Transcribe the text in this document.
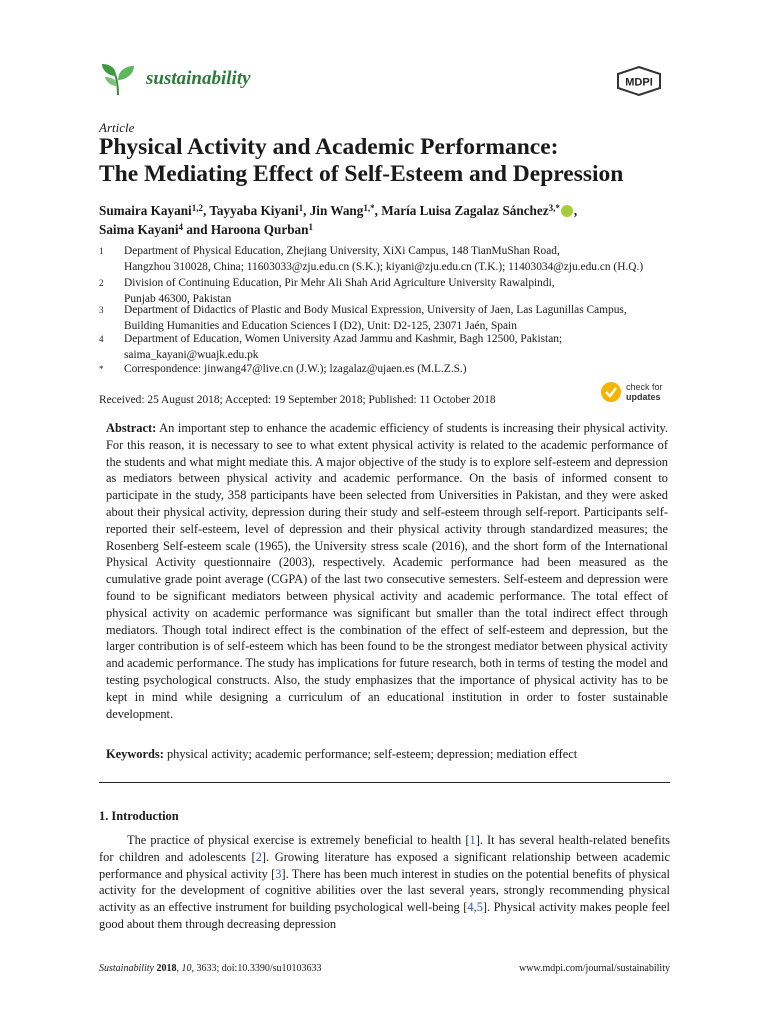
sustainability	MDPI
Article
Physical Activity and Academic Performance:
The Mediating Effect of Self-Esteem and Depression
Sumaira Kayani$^{1,2}$, Tayyaba Kiyani$^1$, Jin Wang$^{1,*}$, María Luisa Zagalaz Sánchez$^{3,*}$ ,
Saima Kayani$^4$ and Haroona Qurban$^1$
1 Department of Physical Education, Zhejiang University, XiXi Campus, 148 TianMuShan Road,
Hangzhou 310028, China; 11603033@zju.edu.cn (S.K.); kiyani@zju.edu.cn (T.K.); 11403034@zju.edu.cn (H.Q.)
2 Division of Continuing Education, Pir Mehr Ali Shah Arid Agriculture University Rawalpindi,
Punjab 46300, Pakistan
3 Department of Didactics of Plastic and Body Musical Expression, University of Jaen, Las Lagunillas Campus,
Building Humanities and Education Sciences I (D2), Unit: D2-125, 23071 Jaén, Spain
4 Department of Education, Women University Azad Jammu and Kashmir, Bagh 12500, Pakistan;
saima_kayani@wuajk.edu.pk
* Correspondence: jinwang47@live.cn (J.W.); lzagalaz@ujaen.es (M.L.Z.S.)
Received: 25 August 2018; Accepted: 19 September 2018; Published: 11 October 2018
check for
updates
Abstract: An important step to enhance the academic efficiency of students is increasing their physical activity. For this reason, it is necessary to see to what extent physical activity is related to the academic performance of the students and what might mediate this. A major objective of the study is to explore self-esteem and depression as mediators between physical activity and academic performance. On the basis of informed consent to participate in the study, 358 participants have been selected from Universities in Pakistan, and they were asked about their physical activity, depression during their study and self-esteem through self-report. Participants self-reported their self-esteem, level of depression and their physical activity through standardized measures; the Rosenberg Self-esteem scale (1965), the University stress scale (2016), and the short form of the International Physical Activity questionnaire (2003), respectively. Academic performance had been measured as the cumulative grade point average (CGPA) of the last two consecutive semesters. Self-esteem and depression were found to be significant mediators between physical activity and academic performance. The total effect of physical activity on academic performance was significant but smaller than the total indirect effect through mediators. Though total indirect effect is the combination of the effect of self-esteem and depression, but the larger contribution is of self-esteem which has been found to be the strongest mediator between physical activity and academic performance. The study has implications for future research, both in terms of testing the model and testing psychological constructs. Also, the study emphasizes that the importance of physical activity has to be kept in mind while designing a curriculum of an educational institution in order to foster sustainable development.
Keywords: physical activity; academic performance; self-esteem; depression; mediation effect
1. Introduction
The practice of physical exercise is extremely beneficial to health [1]. It has several health-related benefits for children and adolescents [2]. Growing literature has exposed a significant relationship between academic performance and physical activity [3]. There has been much interest in studies on the potential benefits of physical activity for the development of cognitive abilities over the last several years, strongly recommending physical activity as an effective instrument for building psychological well-being [4,5]. Physical activity makes people feel good about them through decreasing depression
Sustainability 2018, 10, 3633; doi:10.3390/su10103633	www.mdpi.com/journal/sustainability
